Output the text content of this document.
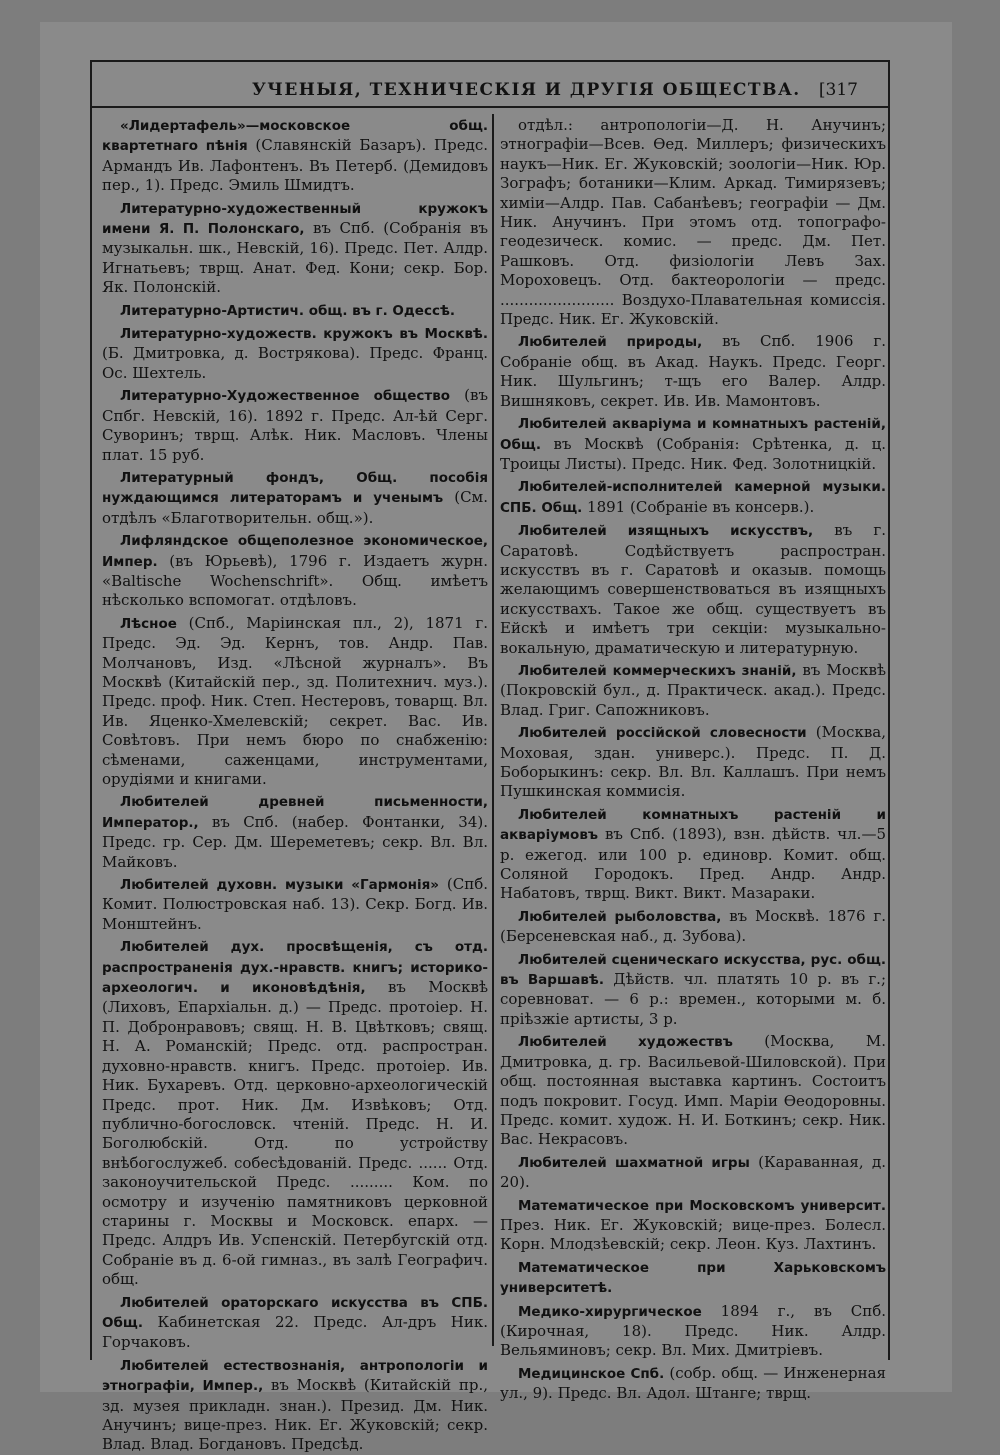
УЧЕНЫЯ, ТЕХНИЧЕСКІЯ И ДРУГІЯ ОБЩЕСТВА. [317

«Лидертафель»—московское общ. квартетнаго пѣнія (Славянскій Базаръ). Предс. Армандъ Ив. Лафонтенъ. Въ Петерб. (Демидовъ пер., 1). Предс. Эмиль Шмидтъ.

Литературно-художественный кружокъ имени Я. П. Полонскаго, въ Спб. (Собранія въ музыкальн. шк., Невскій, 16). Предс. Пет. Алдр. Игнатьевъ; тврщ. Анат. Фед. Кони; секр. Бор. Як. Полонскій.

Литературно-Артистич. общ. въ г. Одессѣ.

Литературно-художеств. кружокъ въ Москвѣ. (Б. Дмитровка, д. Вострякова). Предс. Франц. Ос. Шехтель.

Литературно-Художественное общество (въ Спбг. Невскій, 16). 1892 г. Предс. Ал-ѣй Серг. Суворинъ; тврщ. Алѣк. Ник. Масловъ. Члены плат. 15 руб.

Литературный фондъ, Общ. пособія нуждающимся литераторамъ и ученымъ (См. отдѣлъ «Благотворительн. общ.»).

Лифляндское общеполезное экономическое, Импер. (въ Юрьевѣ), 1796 г. Издаетъ журн. «Baltische Wochenschrift». Общ. имѣетъ нѣсколько вспомогат. отдѣловъ.

Лѣсное (Спб., Маріинская пл., 2), 1871 г. Предс. Эд. Эд. Кернъ, тов. Андр. Пав. Молчановъ, Изд. «Лѣсной журналъ». Въ Москвѣ (Китайскій пер., зд. Политехнич. муз.). Предс. проф. Ник. Степ. Нестеровъ, товарщ. Вл. Ив. Яценко-Хмелевскій; секрет. Вас. Ив. Совѣтовъ. При немъ бюро по снабженію: сѣменами, саженцами, инструментами, орудіями и книгами.

Любителей древней письменности, Император., въ Спб. (набер. Фонтанки, 34). Предс. гр. Сер. Дм. Шереметевъ; секр. Вл. Вл. Майковъ.

Любителей духовн. музыки «Гармонія» (Спб. Комит. Полюстровская наб. 13). Секр. Богд. Ив. Монштейнъ.

Любителей дух. просвѣщенія, съ отд. распространенія дух.-нравств. книгъ; историко-археологич. и иконовѣдѣнія, въ Москвѣ (Лиховъ, Епархіальн. д.) — Предс. протоіер. Н. П. Добронравовъ; свящ. Н. В. Цвѣтковъ; свящ. Н. А. Романскій; Предс. отд. распростран. духовно-нравств. книгъ. Предс. протоіер. Ив. Ник. Бухаревъ. Отд. церковно-археологическій Предс. прот. Ник. Дм. Извѣковъ; Отд. публично-богословск. чтеній. Предс. Н. И. Боголюбскій. Отд. по устройству внѣбогослужеб. собесѣдованій. Предс. ...... Отд. законоучительской Предс. ......... Ком. по осмотру и изученію памятниковъ церковной старины г. Москвы и Московск. епарх. — Предс. Алдръ Ив. Успенскій. Петербугскій отд. Собраніе въ д. 6-ой гимназ., въ залѣ Географич. общ.

Любителей ораторскаго искусства въ СПБ. Общ. Кабинетская 22. Предс. Ал-дръ Ник. Горчаковъ.

Любителей естествознанія, антропологіи и этнографіи, Импер., въ Москвѣ (Китайскій пр., зд. музея прикладн. знан.). Презид. Дм. Ник. Анучинъ; вице-през. Ник. Ег. Жуковскій; секр. Влад. Влад. Богдановъ. Предсѣд.

отдѣл.: антропологіи—Д. Н. Анучинъ; этнографіи—Всев. Ѳед. Миллеръ; физическихъ наукъ—Ник. Ег. Жуковскій; зоологіи—Ник. Юр. Зографъ; ботаники—Клим. Аркад. Тимирязевъ; химіи—Алдр. Пав. Сабанѣевъ; географіи — Дм. Ник. Анучинъ. При этомъ отд. топографо-геодезическ. комис. — предс. Дм. Пет. Рашковъ. Отд. физіологіи Левъ Зах. Мороховецъ. Отд. бактеорологіи — предс. ........................ Воздухо-Плавательная комиссія. Предс. Ник. Ег. Жуковскій.

Любителей природы, въ Спб. 1906 г. Собраніе общ. въ Акад. Наукъ. Предс. Георг. Ник. Шульгинъ; т-щъ его Валер. Алдр. Вишняковъ, секрет. Ив. Ив. Мамонтовъ.

Любителей акваріума и комнатныхъ растеній, Общ. въ Москвѣ (Собранія: Срѣтенка, д. ц. Троицы Листы). Предс. Ник. Фед. Золотницкій.

Любителей-исполнителей камерной музыки. СПБ. Общ. 1891 (Собраніе въ консерв.).

Любителей изящныхъ искусствъ, въ г. Саратовѣ. Содѣйствуетъ распростран. искусствъ въ г. Саратовѣ и оказыв. помощь желающимъ совершенствоваться въ изящныхъ искусствахъ. Такое же общ. существуетъ въ Ейскѣ и имѣетъ три секціи: музыкально-вокальную, драматическую и литературную.

Любителей коммерческихъ знаній, въ Москвѣ (Покровскій бул., д. Практическ. акад.). Предс. Влад. Григ. Сапожниковъ.

Любителей россійской словесности (Москва, Моховая, здан. универс.). Предс. П. Д. Боборыкинъ: секр. Вл. Вл. Каллашъ. При немъ Пушкинская коммисія.

Любителей комнатныхъ растеній и акваріумовъ въ Спб. (1893), взн. дѣйств. чл.—5 р. ежегод. или 100 р. единовр. Комит. общ. Соляной Городокъ. Пред. Андр. Андр. Набатовъ, тврщ. Викт. Викт. Мазараки.

Любителей рыболовства, въ Москвѣ. 1876 г. (Берсеневская наб., д. Зубова).

Любителей сценическаго искусства, рус. общ. въ Варшавѣ. Дѣйств. чл. платять 10 р. въ г.; соревноват. — 6 р.: времен., которыми м. б. пріѣзжіе артисты, 3 р.

Любителей художествъ (Москва, М. Дмитровка, д. гр. Васильевой-Шиловской). При общ. постоянная выставка картинъ. Состоитъ подъ покровит. Госуд. Имп. Маріи Ѳеодоровны. Предс. комит. худож. Н. И. Боткинъ; секр. Ник. Вас. Некрасовъ.

Любителей шахматной игры (Караванная, д. 20).

Математическое при Московскомъ университ. През. Ник. Ег. Жуковскій; вице-през. Болесл. Корн. Млодзѣевскій; секр. Леон. Куз. Лахтинъ.

Математическое при Харьковскомъ университетѣ.

Медико-хирургическое 1894 г., въ Спб. (Кирочная, 18). Предс. Ник. Алдр. Вельяминовъ; секр. Вл. Мих. Дмитріевъ.

Медицинское Спб. (собр. общ. — Инженерная ул., 9). Предс. Вл. Адол. Штанге; тврщ.
